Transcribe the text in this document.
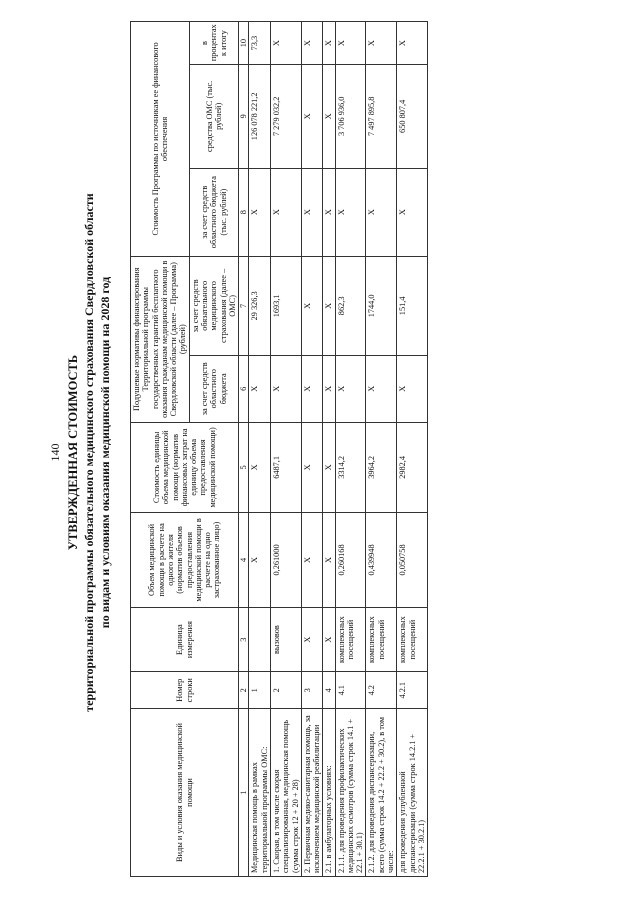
140 УТВЕРЖДЕННАЯ СТОИМОСТЬ территориальной программы обязательного медицинского страхования Свердловской области по видам и условиям оказания медицинской помощи на 2028 год
Виды и условия оказания медицинской помощи	Номер строки	Единица измерения	Объем медицинской помощи в расчете на одного жителя (норматив объемов предоставления медицинской помощи в расчете на одно застрахованное лицо)	Стоимость единицы объема медицинской помощи (норматив финансовых затрат на единицу объема предоставления медицинской помощи)	Подушевые нормативы финансирования Территориальной программы государственных гарантий бесплатного оказания гражданам медицинской помощи в Свердловской области (далее – Программа) (рублей)		Стоимость Программы по источникам ее финансового обеспечения		
					за счет средств областного бюджета	за счет средств обязательного медицинского страхования (далее – ОМС)	за счет средств областного бюджета (тыс. рублей)	средства ОМС (тыс. рублей)	в процентах к итогу
1	2	3	4	5	6	7	8	9	10
Медицинская помощь в рамках территориальной программы ОМС:	1		X	X	X	29 326,3	X	126 078 221,2	73,3
1. Скорая, в том числе скорая специализированная, медицинская помощь (сумма строк 12 + 20 + 28)	2	вызовов	0,261000	6487,1	X	1693,1	X	7 279 032,2	X
2. Первичная медико-санитарная помощь, за исключением медицинской реабилитации	3	X	X	X	X	X	X	X	X
2.1. в амбулаторных условиях:	4	X	X	X	X	X	X	X	X
2.1.1. для проведения профилактических медицинских осмотров (сумма строк 14.1 + 22.1 + 30.1)	4.1	комплексных посещений	0,260168	3314,2	X	862,3	X	3 706 936,0	X
2.1.2. для проведения диспансеризации, всего (сумма строк 14.2 + 22.2 + 30.2), в том числе:	4.2	комплексных посещений	0,439948	3964,2	X	1744,0	X	7 497 895,8	X
для проведения углубленной диспансеризации (сумма строк 14.2.1 + 22.2.1 + 30.2.1)	4.2.1	комплексных посещений	0,050758	2982,4	X	151,4	X	650 807,4	X
